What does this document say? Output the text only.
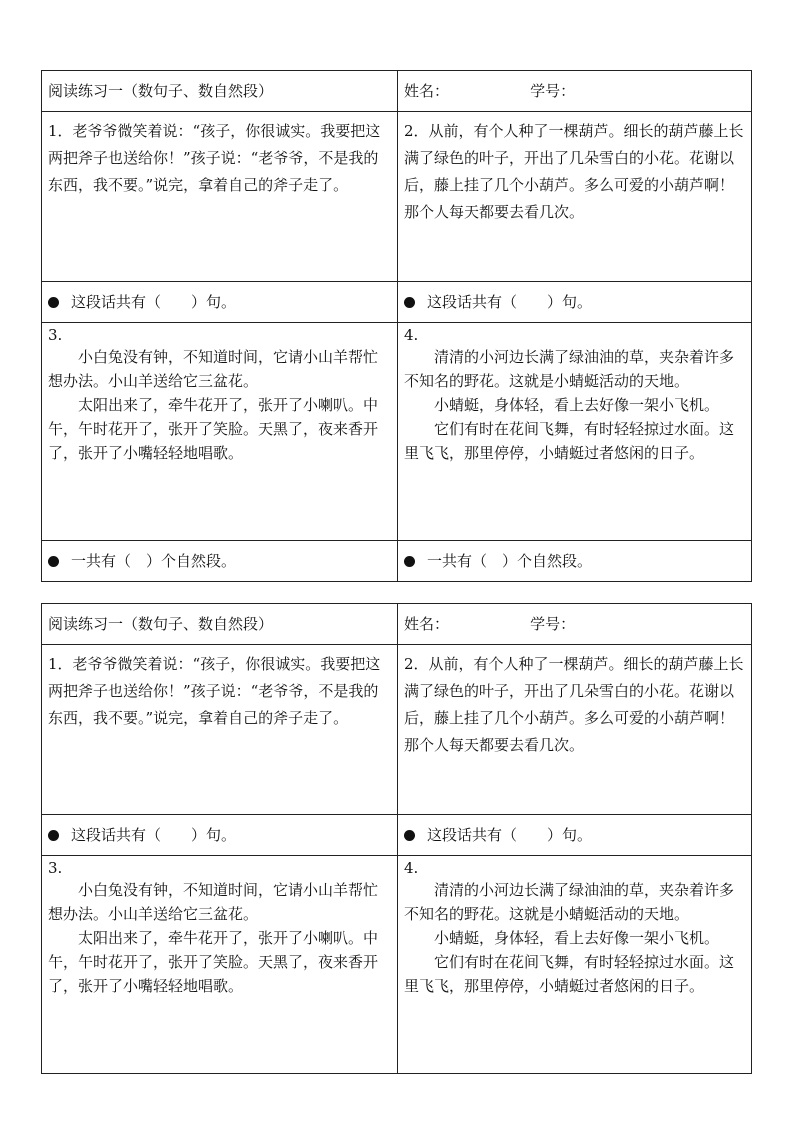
阅读练习一（数句子、数自然段）	姓名： 学号：
1．老爷爷微笑着说：“孩子，你很诚实。我要把这两把斧子也送给你！”孩子说：“老爷爷，不是我的东西，我不要。”说完，拿着自己的斧子走了。	2．从前，有个人种了一棵葫芦。细长的葫芦藤上长满了绿色的叶子，开出了几朵雪白的小花。花谢以后，藤上挂了几个小葫芦。多么可爱的小葫芦啊！那个人每天都要去看几次。
这段话共有（　　）句。	这段话共有（　　）句。

3.
小白兔没有钟，不知道时间，它请小山羊帮忙想办法。小山羊送给它三盆花。
太阳出来了，牵牛花开了，张开了小喇叭。中午，午时花开了，张开了笑脸。天黑了，夜来香开了，张开了小嘴轻轻地唱歌。	4.
清清的小河边长满了绿油油的草，夹杂着许多不知名的野花。这就是小蜻蜓活动的天地。
小蜻蜓，身体轻，看上去好像一架小飞机。
它们有时在花间飞舞，有时轻轻掠过水面。这里飞飞，那里停停，小蜻蜓过者悠闲的日子。

一共有（　）个自然段。	一共有（　）个自然段。
阅读练习一（数句子、数自然段）	姓名： 学号：
1．老爷爷微笑着说：“孩子，你很诚实。我要把这两把斧子也送给你！”孩子说：“老爷爷，不是我的东西，我不要。”说完，拿着自己的斧子走了。	2．从前，有个人种了一棵葫芦。细长的葫芦藤上长满了绿色的叶子，开出了几朵雪白的小花。花谢以后，藤上挂了几个小葫芦。多么可爱的小葫芦啊！那个人每天都要去看几次。
这段话共有（　　）句。	这段话共有（　　）句。

3.
小白兔没有钟，不知道时间，它请小山羊帮忙想办法。小山羊送给它三盆花。
太阳出来了，牵牛花开了，张开了小喇叭。中午，午时花开了，张开了笑脸。天黑了，夜来香开了，张开了小嘴轻轻地唱歌。	4.
清清的小河边长满了绿油油的草，夹杂着许多不知名的野花。这就是小蜻蜓活动的天地。
小蜻蜓，身体轻，看上去好像一架小飞机。
它们有时在花间飞舞，有时轻轻掠过水面。这里飞飞，那里停停，小蜻蜓过者悠闲的日子。
